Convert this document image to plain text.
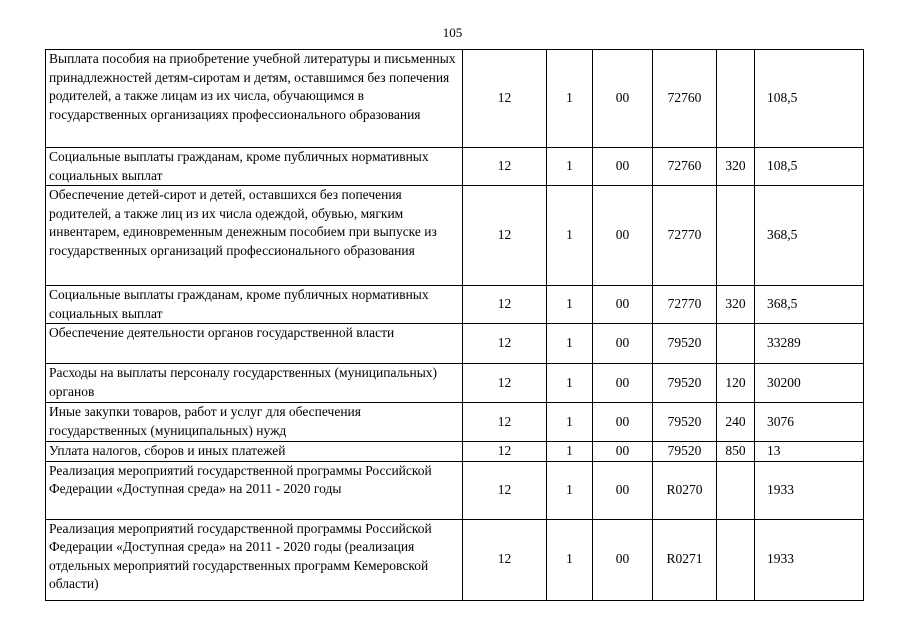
105
Выплата пособия на приобретение учебной литературы и письменных принадлежностей детям-сиротам и детям, оставшимся без попечения родителей, а также лицам из их числа, обучающимся в государственных организациях профессионального образования	12	1	00	72760		108,5
Социальные выплаты гражданам, кроме публичных нормативных социальных выплат	12	1	00	72760	320	108,5
Обеспечение детей-сирот и детей, оставшихся без попечения родителей, а также лиц из их числа одеждой, обувью, мягким инвентарем, единовременным денежным пособием при выпуске из государственных организаций профессионального образования	12	1	00	72770		368,5
Социальные выплаты гражданам, кроме публичных нормативных социальных выплат	12	1	00	72770	320	368,5
Обеспечение деятельности органов государственной власти	12	1	00	79520		33289
Расходы на выплаты персоналу государственных (муниципальных) органов	12	1	00	79520	120	30200
Иные закупки товаров, работ и услуг для обеспечения государственных (муниципальных) нужд	12	1	00	79520	240	3076
Уплата налогов, сборов и иных платежей	12	1	00	79520	850	13
Реализация мероприятий государственной программы Российской Федерации «Доступная среда» на 2011 - 2020 годы	12	1	00	R0270		1933
Реализация мероприятий государственной программы Российской Федерации «Доступная среда» на 2011 - 2020 годы (реализация отдельных мероприятий государственных программ Кемеровской области)	12	1	00	R0271		1933
